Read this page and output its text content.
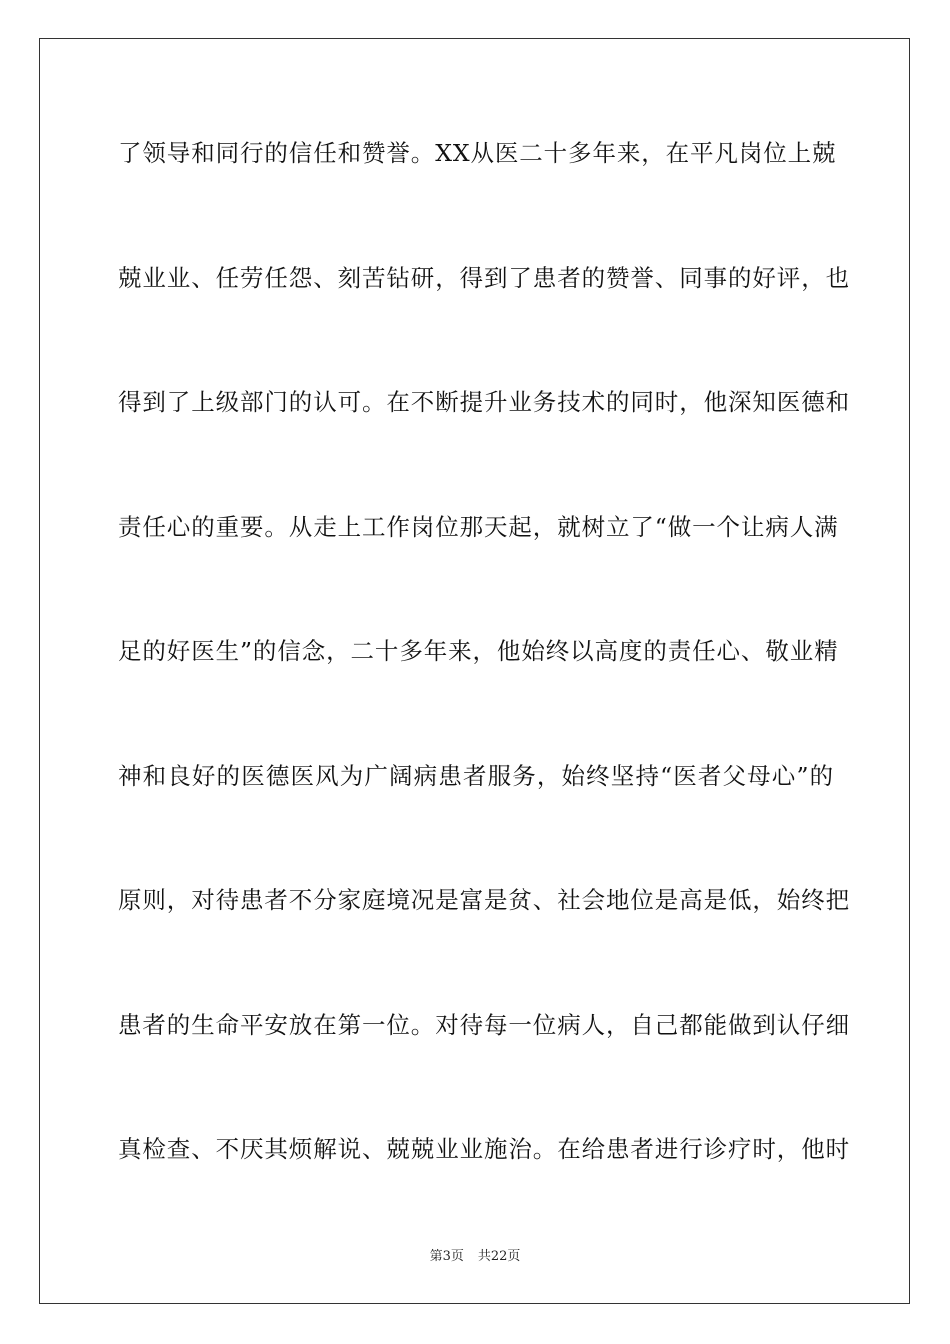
了领导和同行的信任和赞誉。XX从医二十多年来，在平凡岗位上兢
兢业业、任劳任怨、刻苦钻研，得到了患者的赞誉、同事的好评，也
得到了上级部门的认可。在不断提升业务技术的同时，他深知医德和
责任心的重要。从走上工作岗位那天起，就树立了“做一个让病人满
足的好医生”的信念，二十多年来，他始终以高度的责任心、敬业精
神和良好的医德医风为广阔病患者服务，始终坚持“医者父母心”的
原则，对待患者不分家庭境况是富是贫、社会地位是高是低，始终把
患者的生命平安放在第一位。对待每一位病人，自己都能做到认仔细
真检查、不厌其烦解说、兢兢业业施治。在给患者进行诊疗时，他时
第3页 共22页
